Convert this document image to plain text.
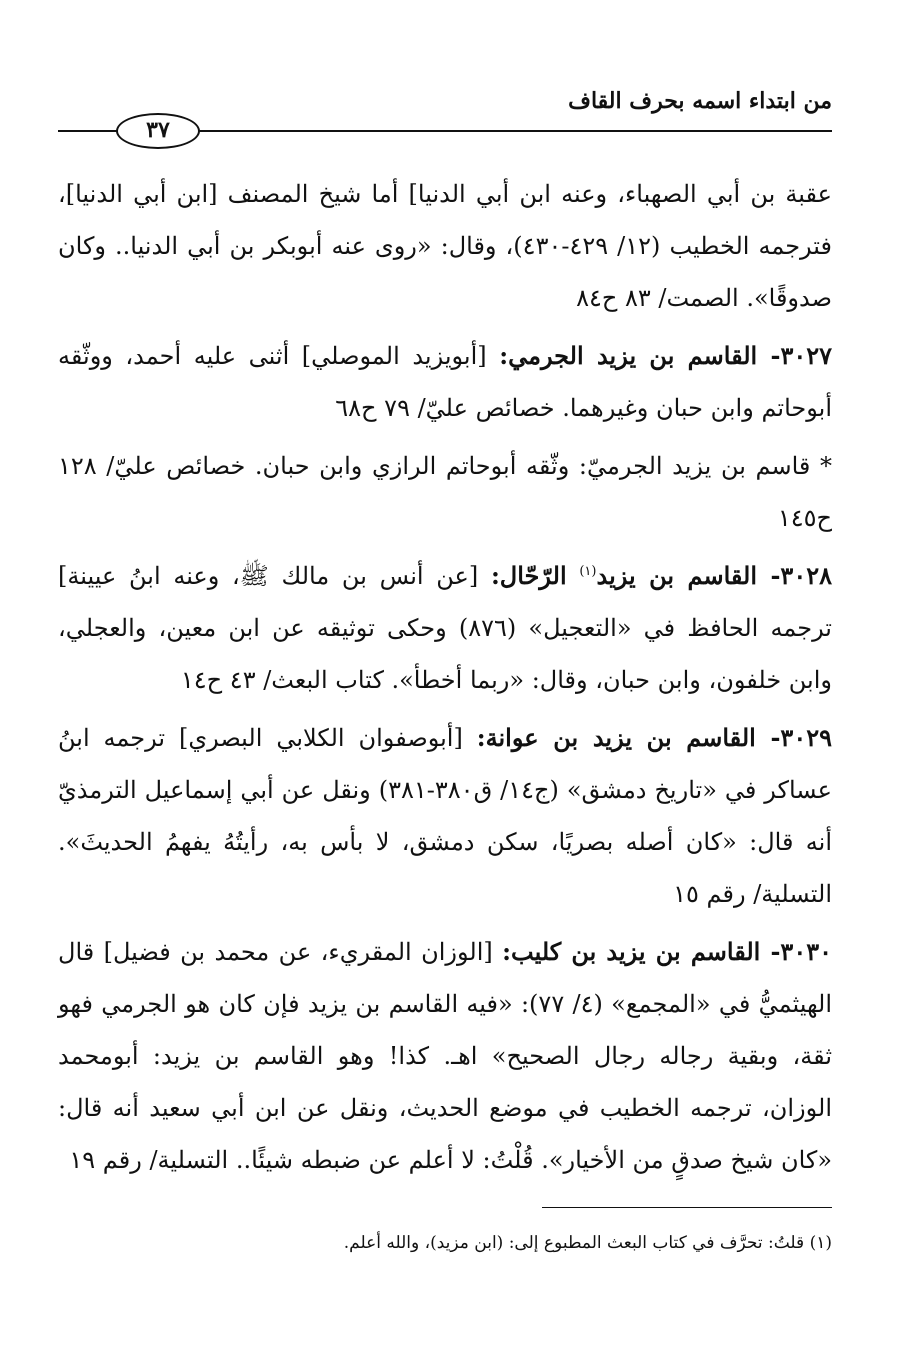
من ابتداء اسمه بحرف القاف
٣٧

عقبة بن أبي الصهباء، وعنه ابن أبي الدنيا] أما شيخ المصنف [ابن أبي الدنيا]، فترجمه الخطيب (١٢/ ٤٢٩-٤٣٠)، وقال: «روى عنه أبوبكر بن أبي الدنيا.. وكان صدوقًا». الصمت/ ٨٣ ح٨٤

٣٠٢٧- القاسم بن يزيد الجرمي: [أبويزيد الموصلي] أثنى عليه أحمد، ووثّقه أبوحاتم وابن حبان وغيرهما. خصائص عليّ/ ٧٩ ح٦٨

* قاسم بن يزيد الجرميّ: وثّقه أبوحاتم الرازي وابن حبان. خصائص عليّ/ ١٢٨ ح١٤٥

٣٠٢٨- القاسم بن يزيد$^{(١)}$ الرّحّال: [عن أنس بن مالك ﷺ، وعنه ابنُ عيينة] ترجمه الحافظ في «التعجيل» (٨٧٦) وحكى توثيقه عن ابن معين، والعجلي، وابن خلفون، وابن حبان، وقال: «ربما أخطأ». كتاب البعث/ ٤٣ ح١٤

٣٠٢٩- القاسم بن يزيد بن عوانة: [أبوصفوان الكلابي البصري] ترجمه ابنُ عساكر في «تاريخ دمشق» (ج١٤/ ق٣٨٠-٣٨١) ونقل عن أبي إسماعيل الترمذيّ أنه قال: «كان أصله بصريًا، سكن دمشق، لا بأس به، رأيتُهُ يفهمُ الحديثَ». التسلية/ رقم ١٥

٣٠٣٠- القاسم بن يزيد بن كليب: [الوزان المقريء، عن محمد بن فضيل] قال الهيثميُّ في «المجمع» (٤/ ٧٧): «فيه القاسم بن يزيد فإن كان هو الجرمي فهو ثقة، وبقية رجاله رجال الصحيح» اهـ. كذا! وهو القاسم بن يزيد: أبومحمد الوزان، ترجمه الخطيب في موضع الحديث، ونقل عن ابن أبي سعيد أنه قال: «كان شيخ صدقٍ من الأخيار». قُلْتُ: لا أعلم عن ضبطه شيئًا.. التسلية/ رقم ١٩

(١) قلتُ: تحرَّف في كتاب البعث المطبوع إلى: (ابن مزيد)، والله أعلم.
